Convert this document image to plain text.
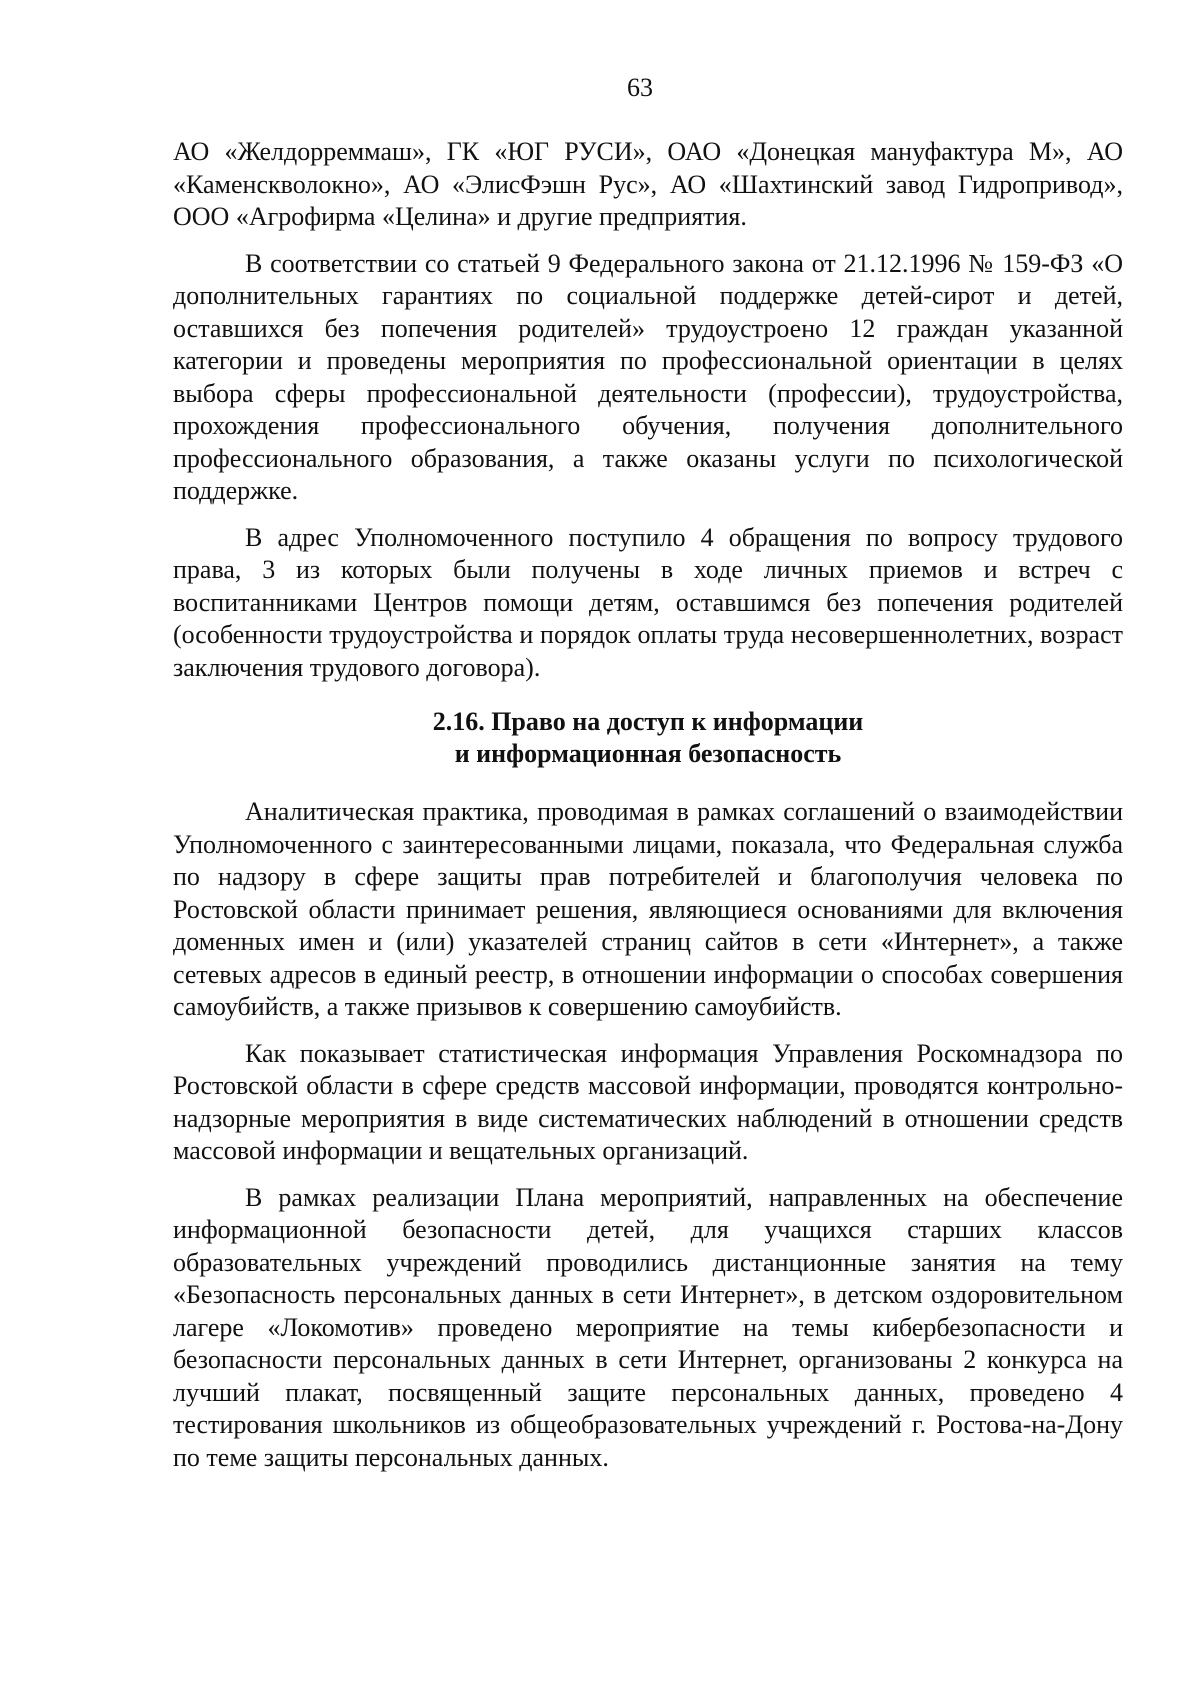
63

АО «Желдорреммаш», ГК «ЮГ РУСИ», ОАО «Донецкая мануфактура М», АО «Каменскволокно», АО «ЭлисФэшн Рус», АО «Шахтинский завод Гидропривод», ООО «Агрофирма «Целина» и другие предприятия.

В соответствии со статьей 9 Федерального закона от 21.12.1996 № 159-ФЗ «О дополнительных гарантиях по социальной поддержке детей-сирот и детей, оставшихся без попечения родителей» трудоустроено 12 граждан указанной категории и проведены мероприятия по профессиональной ориентации в целях выбора сферы профессиональной деятельности (профессии), трудоустройства, прохождения профессионального обучения, получения дополнительного профессионального образования, а также оказаны услуги по психологической поддержке.

В адрес Уполномоченного поступило 4 обращения по вопросу трудового права, 3 из которых были получены в ходе личных приемов и встреч с воспитанниками Центров помощи детям, оставшимся без попечения родителей (особенности трудоустройства и порядок оплаты труда несовершеннолетних, возраст заключения трудового договора).

2.16. Право на доступ к информации
и информационная безопасность

Аналитическая практика, проводимая в рамках соглашений о взаимодействии Уполномоченного с заинтересованными лицами, показала, что Федеральная служба по надзору в сфере защиты прав потребителей и благополучия человека по Ростовской области принимает решения, являющиеся основаниями для включения доменных имен и (или) указателей страниц сайтов в сети «Интернет», а также сетевых адресов в единый реестр, в отношении информации о способах совершения самоубийств, а также призывов к совершению самоубийств.

Как показывает статистическая информация Управления Роскомнадзора по Ростовской области в сфере средств массовой информации, проводятся контрольно-надзорные мероприятия в виде систематических наблюдений в отношении средств массовой информации и вещательных организаций.

В рамках реализации Плана мероприятий, направленных на обеспечение информационной безопасности детей, для учащихся старших классов образовательных учреждений проводились дистанционные занятия на тему «Безопасность персональных данных в сети Интернет», в детском оздоровительном лагере «Локомотив» проведено мероприятие на темы кибербезопасности и безопасности персональных данных в сети Интернет, организованы 2 конкурса на лучший плакат, посвященный защите персональных данных, проведено 4 тестирования школьников из общеобразовательных учреждений г. Ростова-на-Дону по теме защиты персональных данных.
